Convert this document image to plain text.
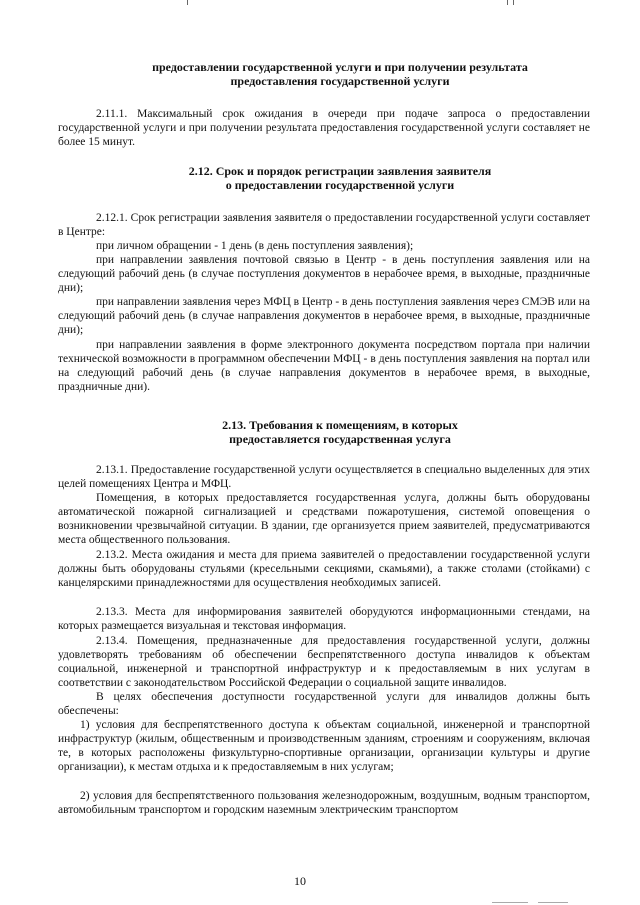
предоставлении государственной услуги и при получении результата
предоставления государственной услуги
2.11.1. Максимальный срок ожидания в очереди при подаче запроса о предоставлении государственной услуги и при получении результата предоставления государственной услуги составляет не более 15 минут.
2.12. Срок и порядок регистрации заявления заявителя
о предоставлении государственной услуги
2.12.1. Срок регистрации заявления заявителя о предоставлении государственной услуги составляет в Центре:
при личном обращении - 1 день (в день поступления заявления);
при направлении заявления почтовой связью в Центр - в день поступления заявления или на следующий рабочий день (в случае поступления документов в нерабочее время, в выходные, праздничные дни);
при направлении заявления через МФЦ в Центр - в день поступления заявления через СМЭВ или на следующий рабочий день (в случае направления документов в нерабочее время, в выходные, праздничные дни);
при направлении заявления в форме электронного документа посредством портала при наличии технической возможности в программном обеспечении МФЦ - в день поступления заявления на портал или на следующий рабочий день (в случае направления документов в нерабочее время, в выходные, праздничные дни).
2.13. Требования к помещениям, в которых
предоставляется государственная услуга
2.13.1. Предоставление государственной услуги осуществляется в специально выделенных для этих целей помещениях Центра и МФЦ.
Помещения, в которых предоставляется государственная услуга, должны быть оборудованы автоматической пожарной сигнализацией и средствами пожаротушения, системой оповещения о возникновении чрезвычайной ситуации. В здании, где организуется прием заявителей, предусматриваются места общественного пользования.
2.13.2. Места ожидания и места для приема заявителей о предоставлении государственной услуги должны быть оборудованы стульями (кресельными секциями, скамьями), а также столами (стойками) с канцелярскими принадлежностями для осуществления необходимых записей.
2.13.3. Места для информирования заявителей оборудуются информационными стендами, на которых размещается визуальная и текстовая информация.
2.13.4. Помещения, предназначенные для предоставления государственной услуги, должны удовлетворять требованиям об обеспечении беспрепятственного доступа инвалидов к объектам социальной, инженерной и транспортной инфраструктур и к предоставляемым в них услугам в соответствии с законодательством Российской Федерации о социальной защите инвалидов.
В целях обеспечения доступности государственной услуги для инвалидов должны быть обеспечены:
1) условия для беспрепятственного доступа к объектам социальной, инженерной и транспортной инфраструктур (жилым, общественным и производственным зданиям, строениям и сооружениям, включая те, в которых расположены физкультурно-спортивные организации, организации культуры и другие организации), к местам отдыха и к предоставляемым в них услугам;
2) условия для беспрепятственного пользования железнодорожным, воздушным, водным транспортом, автомобильным транспортом и городским наземным электрическим транспортом
10
